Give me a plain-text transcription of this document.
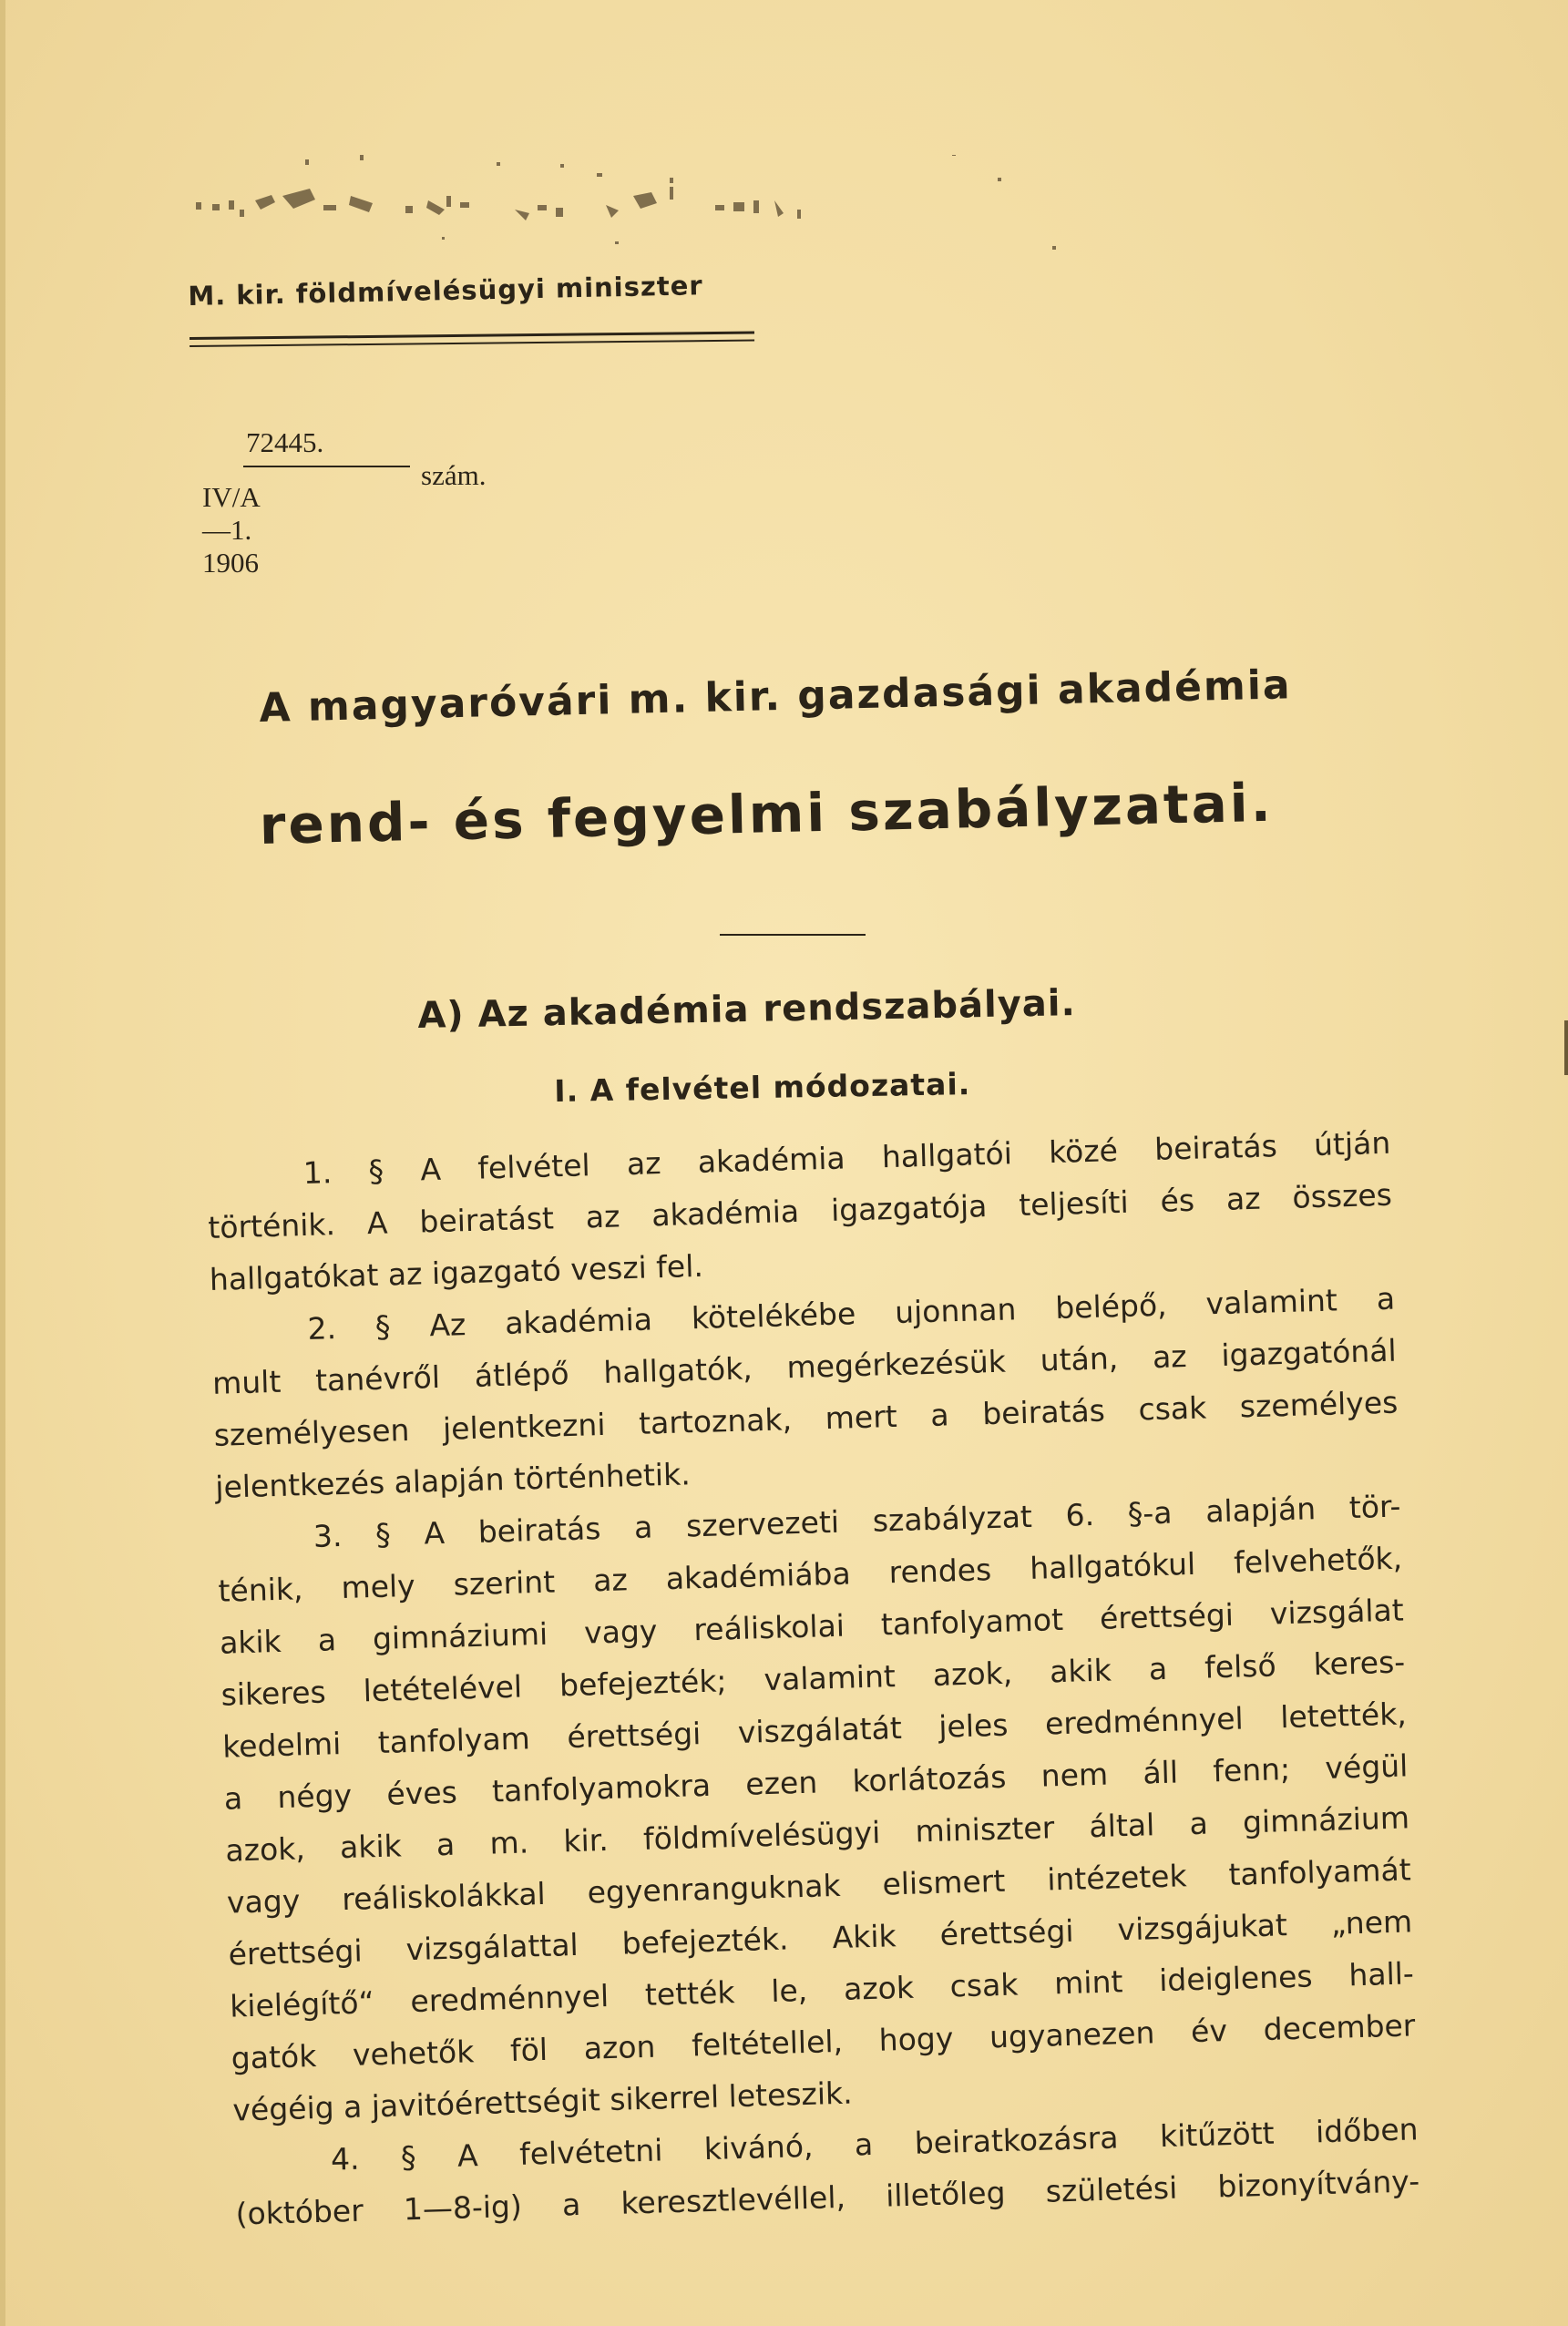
M. kir. földmívelésügyi miniszter
72445.
IV/A—1. 1906
szám.
A magyaróvári m. kir. gazdasági akadémia
rend- és fegyelmi szabályzatai.
A) Az akadémia rendszabályai.
I. A felvétel módozatai.
1. § A felvétel az akadémia hallgatói közé beiratás útján
történik. A beiratást az akadémia igazgatója teljesíti és az összes
hallgatókat az igazgató veszi fel.
2. § Az akadémia kötelékébe ujonnan belépő, valamint a
mult tanévről átlépő hallgatók, megérkezésük után, az igazgatónál
személyesen jelentkezni tartoznak, mert a beiratás csak személyes
jelentkezés alapján történhetik.
3. § A beiratás a szervezeti szabályzat 6. §-a alapján tör-
ténik, mely szerint az akadémiába rendes hallgatókul felvehetők,
akik a gimnáziumi vagy reáliskolai tanfolyamot érettségi vizsgálat
sikeres letételével befejezték; valamint azok, akik a felső keres-
kedelmi tanfolyam érettségi viszgálatát jeles eredménnyel letették,
a négy éves tanfolyamokra ezen korlátozás nem áll fenn; végül
azok, akik a m. kir. földmívelésügyi miniszter által a gimnázium
vagy reáliskolákkal egyenranguknak elismert intézetek tanfolyamát
érettségi vizsgálattal befejezték. Akik érettségi vizsgájukat „nem
kielégítő“ eredménnyel tették le, azok csak mint ideiglenes hall-
gatók vehetők föl azon feltétellel, hogy ugyanezen év december
végéig a javitóérettségit sikerrel leteszik.
4. § A felvétetni kivánó, a beiratkozásra kitűzött időben
(október 1—8-ig) a keresztlevéllel, illetőleg születési bizonyítvány-
